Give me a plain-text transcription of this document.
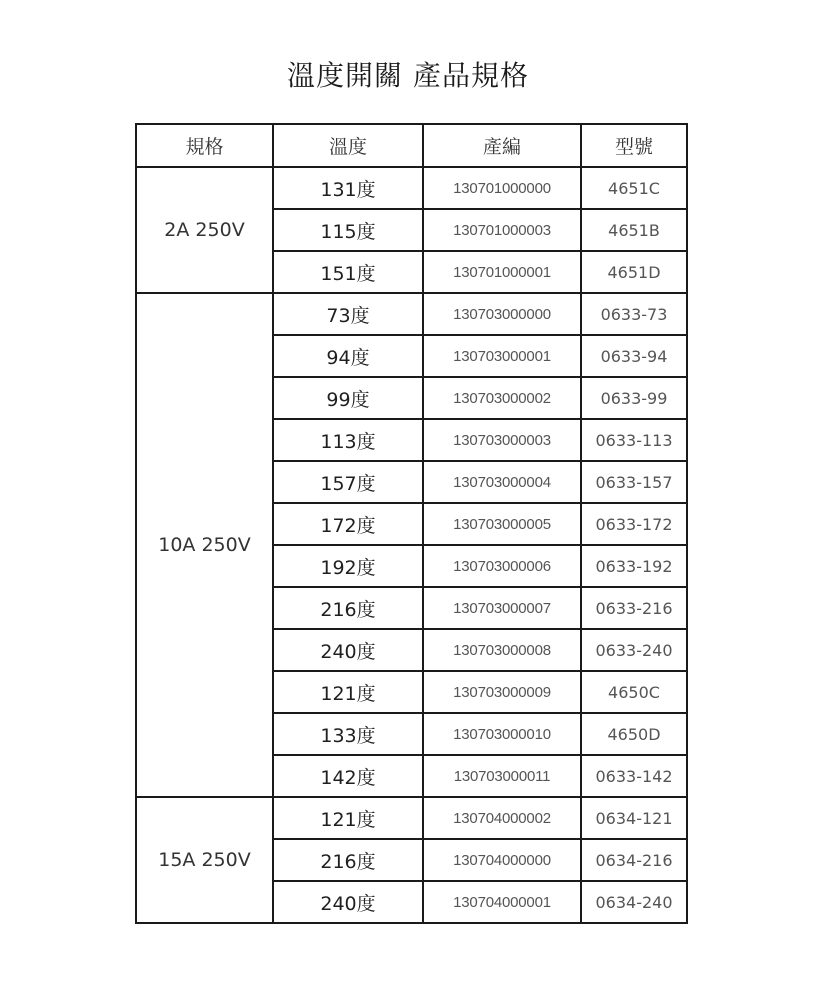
溫度開關 產品規格
規格	溫度	產編	型號
2A 250V	131度	130701000000	4651C
	115度	130701000003	4651B
	151度	130701000001	4651D
10A 250V	73度	130703000000	0633-73
	94度	130703000001	0633-94
	99度	130703000002	0633-99
	113度	130703000003	0633-113
	157度	130703000004	0633-157
	172度	130703000005	0633-172
	192度	130703000006	0633-192
	216度	130703000007	0633-216
	240度	130703000008	0633-240
	121度	130703000009	4650C
	133度	130703000010	4650D
	142度	130703000011	0633-142
15A 250V	121度	130704000002	0634-121
	216度	130704000000	0634-216
	240度	130704000001	0634-240
